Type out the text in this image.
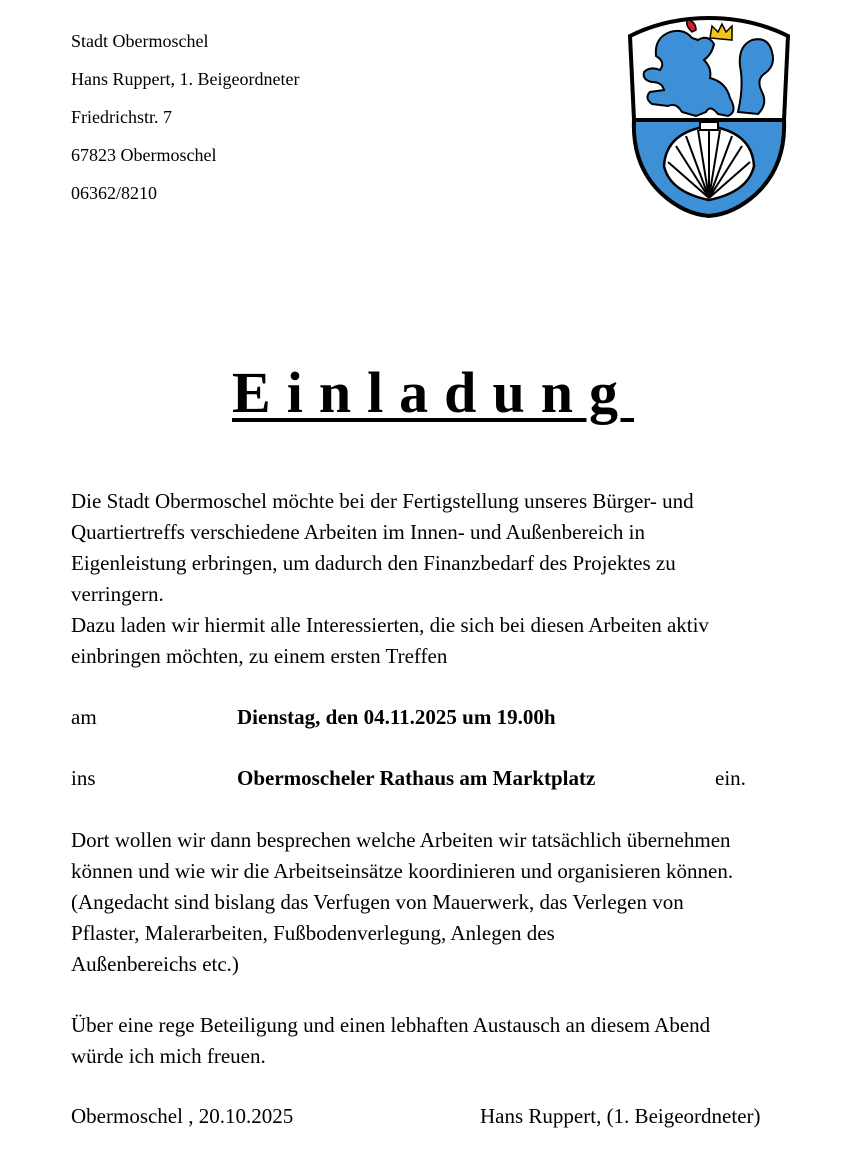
Stadt Obermoschel
Hans Ruppert, 1. Beigeordneter
Friedrichstr. 7
67823 Obermoschel
06362/8210
Einladung
Die Stadt Obermoschel möchte bei der Fertigstellung unseres Bürger- und
Quartiertreffs verschiedene Arbeiten im Innen- und Außenbereich in
Eigenleistung erbringen, um dadurch den Finanzbedarf des Projektes zu
verringern.
Dazu laden wir hiermit alle Interessierten, die sich bei diesen Arbeiten aktiv
einbringen möchten, zu einem ersten Treffen
am	Dienstag, den 04.11.2025 um 19.00h
ins	Obermoscheler Rathaus am Marktplatz	ein.
Dort wollen wir dann besprechen welche Arbeiten wir tatsächlich übernehmen
können und wie wir die Arbeitseinsätze koordinieren und organisieren können.
(Angedacht sind bislang das Verfugen von Mauerwerk, das Verlegen von
Pflaster, Malerarbeiten, Fußbodenverlegung, Anlegen des
Außenbereichs etc.)
Über eine rege Beteiligung und einen lebhaften Austausch an diesem Abend
würde ich mich freuen.
Obermoschel , 20.10.2025	Hans Ruppert, (1. Beigeordneter)
